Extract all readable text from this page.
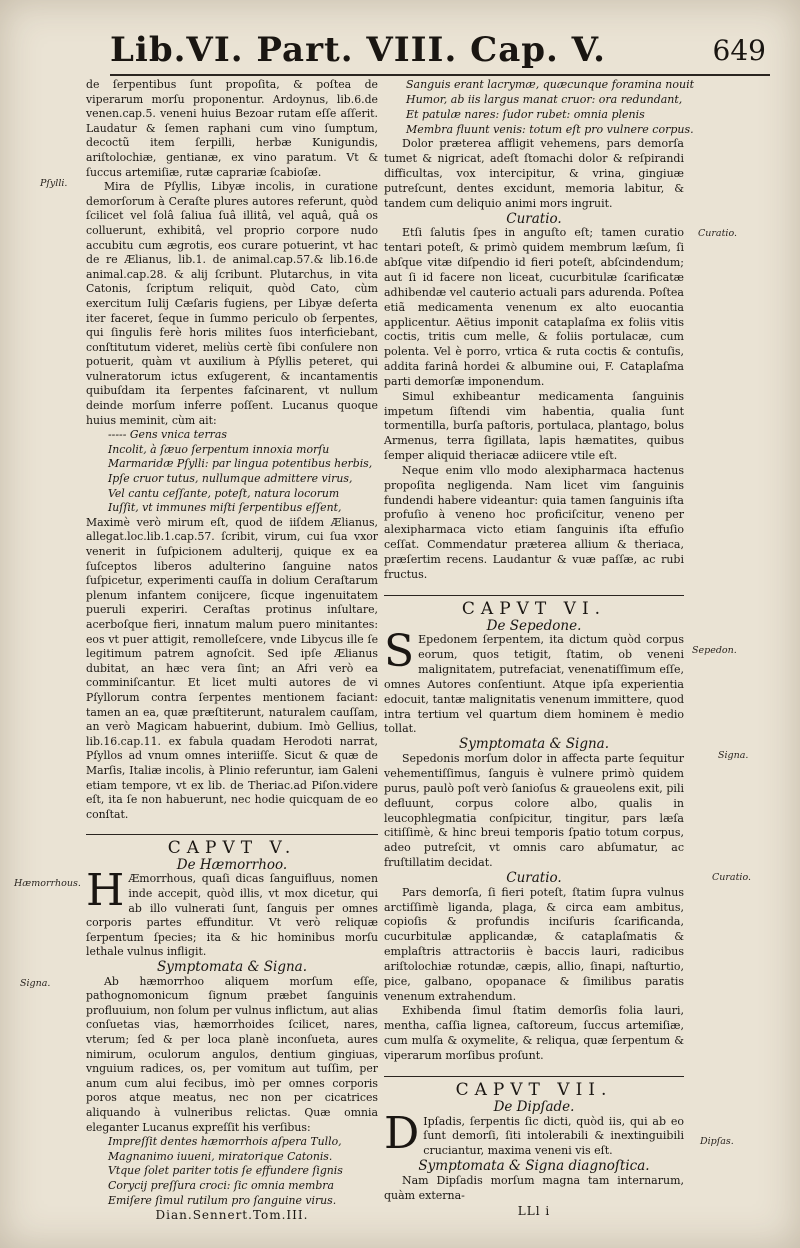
Lib.VI. Part. VIII. Cap. V.	649

de ſerpentibus ſunt propoſita, & poſtea de viperarum morſu proponentur. Ardoynus, lib.6.de venen.cap.5. veneni huius Bezoar rutam eſſe aſſerit. Laudatur & ſemen raphani cum vino ſumptum, decoctũ item ſerpilli, herbæ Kunigundis, ariſtolochiæ, gentianæ, ex vino paratum. Vt & ſuccus artemiſiæ, rutæ caprariæ ſcabioſæ.

Mira de Pſyllis, Libyæ incolis, in curatione demorſorum à Ceraſte plures autores referunt, quòd ſcilicet vel ſolâ ſaliua ſuâ illitâ, vel aquâ, quâ os colluerunt, exhibitâ, vel proprio corpore nudo accubitu cum ægrotis, eos curare potuerint, vt hac de re Ælianus, lib.1. de animal.cap.57.& lib.16.de animal.cap.28. & alij ſcribunt. Plutarchus, in vita Catonis, ſcriptum reliquit, quòd Cato, cùm exercitum Iulij Cæſaris fugiens, per Libyæ deſerta iter faceret, ſeque in ſummo periculo ob ſerpentes, qui ſingulis ferè horis milites ſuos interficiebant, conſtitutum videret, meliùs certè ſibi conſulere non potuerit, quàm vt auxilium à Pſyllis peteret, qui vulneratorum ictus exſugerent, & incantamentis quibuſdam ita ſerpentes faſcinarent, vt nullum deinde morſum inferre poſſent. Lucanus quoque huius meminit, cùm ait:

----- Gens vnica terras
Incolit, à ſæuo ſerpentum innoxia morſu
Marmaridæ Pſylli: par lingua potentibus herbis,
Ipſe cruor tutus, nullumque admittere virus,
Vel cantu ceſſante, poteſt, natura locorum
Iuſſit, vt immunes miſti ſerpentibus eſſent,

Maximè verò mirum eſt, quod de iiſdem Ælianus, allegat.loc.lib.1.cap.57. ſcribit, virum, cui ſua vxor venerit in ſuſpicionem adulterij, quique ex ea ſuſceptos liberos adulterino ſanguine natos ſuſpicetur, experimenti cauſſa in dolium Ceraſtarum plenum infantem conijcere, ſicque ingenuitatem pueruli experiri. Ceraſtas protinus inſultare, acerboſque fieri, innatum malum puero minitantes: eos vt puer attigit, remolleſcere, vnde Libycus ille ſe legitimum patrem agnoſcit. Sed ipſe Ælianus dubitat, an hæc vera ſint; an Afri verò ea comminiſcantur. Et licet multi autores de vi Pſyllorum contra ſerpentes mentionem faciant: tamen an ea, quæ præſtiterunt, naturalem cauſſam, an verò Magicam habuerint, dubium. Imò Gellius, lib.16.cap.11. ex fabula quadam Herodoti narrat, Pſyllos ad vnum omnes interiiſſe. Sicut & quæ de Marſis, Italiæ incolis, à Plinio referuntur, iam Galeni etiam tempore, vt ex lib. de Theriac.ad Piſon.videre eſt, ita ſe non habuerunt, nec hodie quicquam de eo conſtat.

CAPVT V.
De Hæmorrhoo.

H Æmorrhous, quaſi dicas ſanguifluus, nomen inde accepit, quòd illis, vt mox dicetur, qui ab illo vulnerati ſunt, ſanguis per omnes corporis partes effunditur. Vt verò reliquæ ſerpentum ſpecies; ita & hic hominibus morſu lethale vulnus infligit.

Symptomata & Signa.

Ab hæmorrhoo aliquem morſum eſſe, pathognomonicum ſignum præbet ſanguinis profluuium, non ſolum per vulnus inflictum, aut alias conſuetas vias, hæmorrhoides ſcilicet, nares, vterum; ſed & per loca planè inconſueta, aures nimirum, oculorum angulos, dentium gingiuas, vnguium radices, os, per vomitum aut tuſſim, per anum cum alui fecibus, imò per omnes corporis poros atque meatus, nec non per cicatrices aliquando à vulneribus relictas. Quæ omnia eleganter Lucanus expreſſit his verſibus:

Impreſſit dentes hæmorrhois aſpera Tullo,
Magnanimo iuueni, miratorique Catonis.
Vtque ſolet pariter totis ſe effundere ſignis
Corycij preſſura croci: ſic omnia membra
Emiſere ſimul rutilum pro ſanguine virus.
Dian.Sennert.Tom.III.
Sanguis erant lacrymæ, quæcunque foramina nouit
Humor, ab iis largus manat cruor: ora redundant,
Et patulæ nares: ſudor rubet: omnia plenis
Membra fluunt venis: totum eſt pro vulnere corpus.

Dolor præterea affligit vehemens, pars demorſa tumet & nigricat, adeſt ſtomachi dolor & reſpirandi difficultas, vox intercipitur, & vrina, gingiuæ putreſcunt, dentes excidunt, memoria labitur, & tandem cum deliquio animi mors ingruit.

Curatio.

Etſi ſalutis ſpes in anguſto eſt; tamen curatio tentari poteſt, & primò quidem membrum læſum, ſi abſque vitæ diſpendio id fieri poteſt, abſcindendum; aut ſi id facere non liceat, cucurbitulæ ſcarificatæ adhibendæ vel cauterio actuali pars adurenda. Poſtea etiã medicamenta venenum ex alto euocantia applicentur. Aëtius imponit cataplaſma ex foliis vitis coctis, tritis cum melle, & foliis portulacæ, cum polenta. Vel è porro, vrtica & ruta coctis & contuſis, addita farinâ hordei & albumine oui, F. Cataplaſma parti demorſæ imponendum.

Simul exhibeantur medicamenta ſanguinis impetum ſiſtendi vim habentia, qualia ſunt tormentilla, burſa paſtoris, portulaca, plantago, bolus Armenus, terra ſigillata, lapis hæmatites, quibus ſemper aliquid theriacæ adiicere vtile eſt.

Neque enim vllo modo alexipharmaca hactenus propoſita negligenda. Nam licet vim ſanguinis fundendi habere videantur: quia tamen ſanguinis iſta profuſio à veneno hoc proficiſcitur, veneno per alexipharmaca victo etiam ſanguinis iſta effuſio ceſſat. Commendatur præterea allium & theriaca, præſertim recens. Laudantur & vuæ paſſæ, ac rubi fructus.

CAPVT VI.
De Sepedone.

S Epedonem ſerpentem, ita dictum quòd corpus eorum, quos tetigit, ſtatim, ob veneni malignitatem, putrefaciat, venenatiſſimum eſſe, omnes Autores conſentiunt. Atque ipſa experientia edocuit, tantæ malignitatis venenum immittere, quod intra tertium vel quartum diem hominem è medio tollat.

Symptomata & Signa.

Sepedonis morſum dolor in affecta parte ſequitur vehementiſſimus, ſanguis è vulnere primò quidem purus, paulò poſt verò ſanioſus & graueolens exit, pili defluunt, corpus colore albo, qualis in leucophlegmatia conſpicitur, tingitur, pars læſa citiſſimè, & hinc breui temporis ſpatio totum corpus, adeo putreſcit, vt omnis caro abſumatur, ac fruſtillatim decidat.

Curatio.

Pars demorſa, ſi fieri poteſt, ſtatim ſupra vulnus arctiſſimè liganda, plaga, & circa eam ambitus, copioſis & profundis inciſuris ſcarificanda, cucurbitulæ applicandæ, & cataplaſmatis & emplaſtris attractoriis è baccis lauri, radicibus ariſtolochiæ rotundæ, cæpis, allio, ſinapi, naſturtio, pice, galbano, opopanace & ſimilibus paratis venenum extrahendum.

Exhibenda ſimul ſtatim demorſis folia lauri, mentha, caſſia lignea, caſtoreum, ſuccus artemiſiæ, cum mulſa & oxymelite, & reliqua, quæ ſerpentum & viperarum morſibus proſunt.

CAPVT VII.
De Dipſade.

D Ipſadis, ſerpentis ſic dicti, quòd iis, qui ab eo ſunt demorſi, ſiti intolerabili & inextinguibili cruciantur, maxima veneni vis eſt.

Symptomata & Signa diagnoſtica.

Nam Dipſadis morſum magna tam internarum, quàm externa-

LLl i
Pſylli.
Curatio.
Sepedon.
Signa.
Curatio.
Hæmorrhous.
Signa.
Dipſas.
